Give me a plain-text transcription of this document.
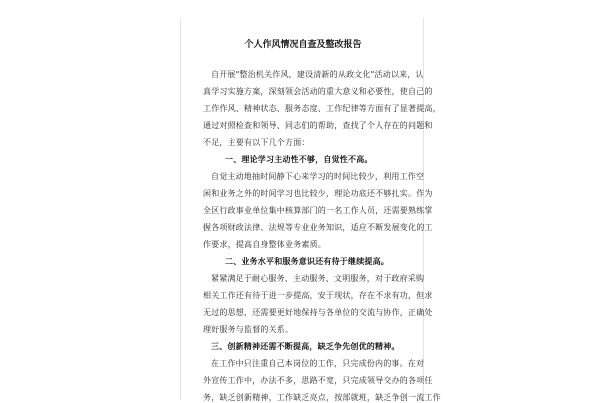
个人作风情况自查及整改报告
自开展"整治机关作风，建设清新的从政文化"活动以来，认
真学习实施方案，深刻领会活动的重大意义和必要性，使自己的
工作作风、精神状态、服务态度、工作纪律等方面有了显著提高，
通过对照检查和领导、同志们的帮助，查找了个人存在的问题和
不足，主要有以下几个方面：
一、理论学习主动性不够，自觉性不高。
自觉主动地抽时间静下心来学习的时间比较少，利用工作空
闲和业务之外的时间学习也比较少，理论功底还不够扎实。作为
全区行政事业单位集中核算部门的一名工作人员，还需要熟练掌
握各项财政法律、法规等专业业务知识，适应不断发展变化的工
作要求，提高自身整体业务素质。
二、业务水平和服务意识还有待于继续提高。
紧紧满足于耐心服务、主动服务、文明服务，对于政府采购
相关工作还有待于进一步提高，安于现状，存在不求有功，但求
无过的思想，还需要更好地保持与各单位的交流与协作，正确处
理好服务与监督的关系。
三、创新精神还需不断提高，缺乏争先创优的精神。
在工作中只注重自己本岗位的工作，只完成份内的事。在对
外宣传工作中，办法不多，思路不宽，只完成领导交办的各项任
务，缺乏创新精神，工作缺乏亮点，按部就班，缺乏争创一流工作
